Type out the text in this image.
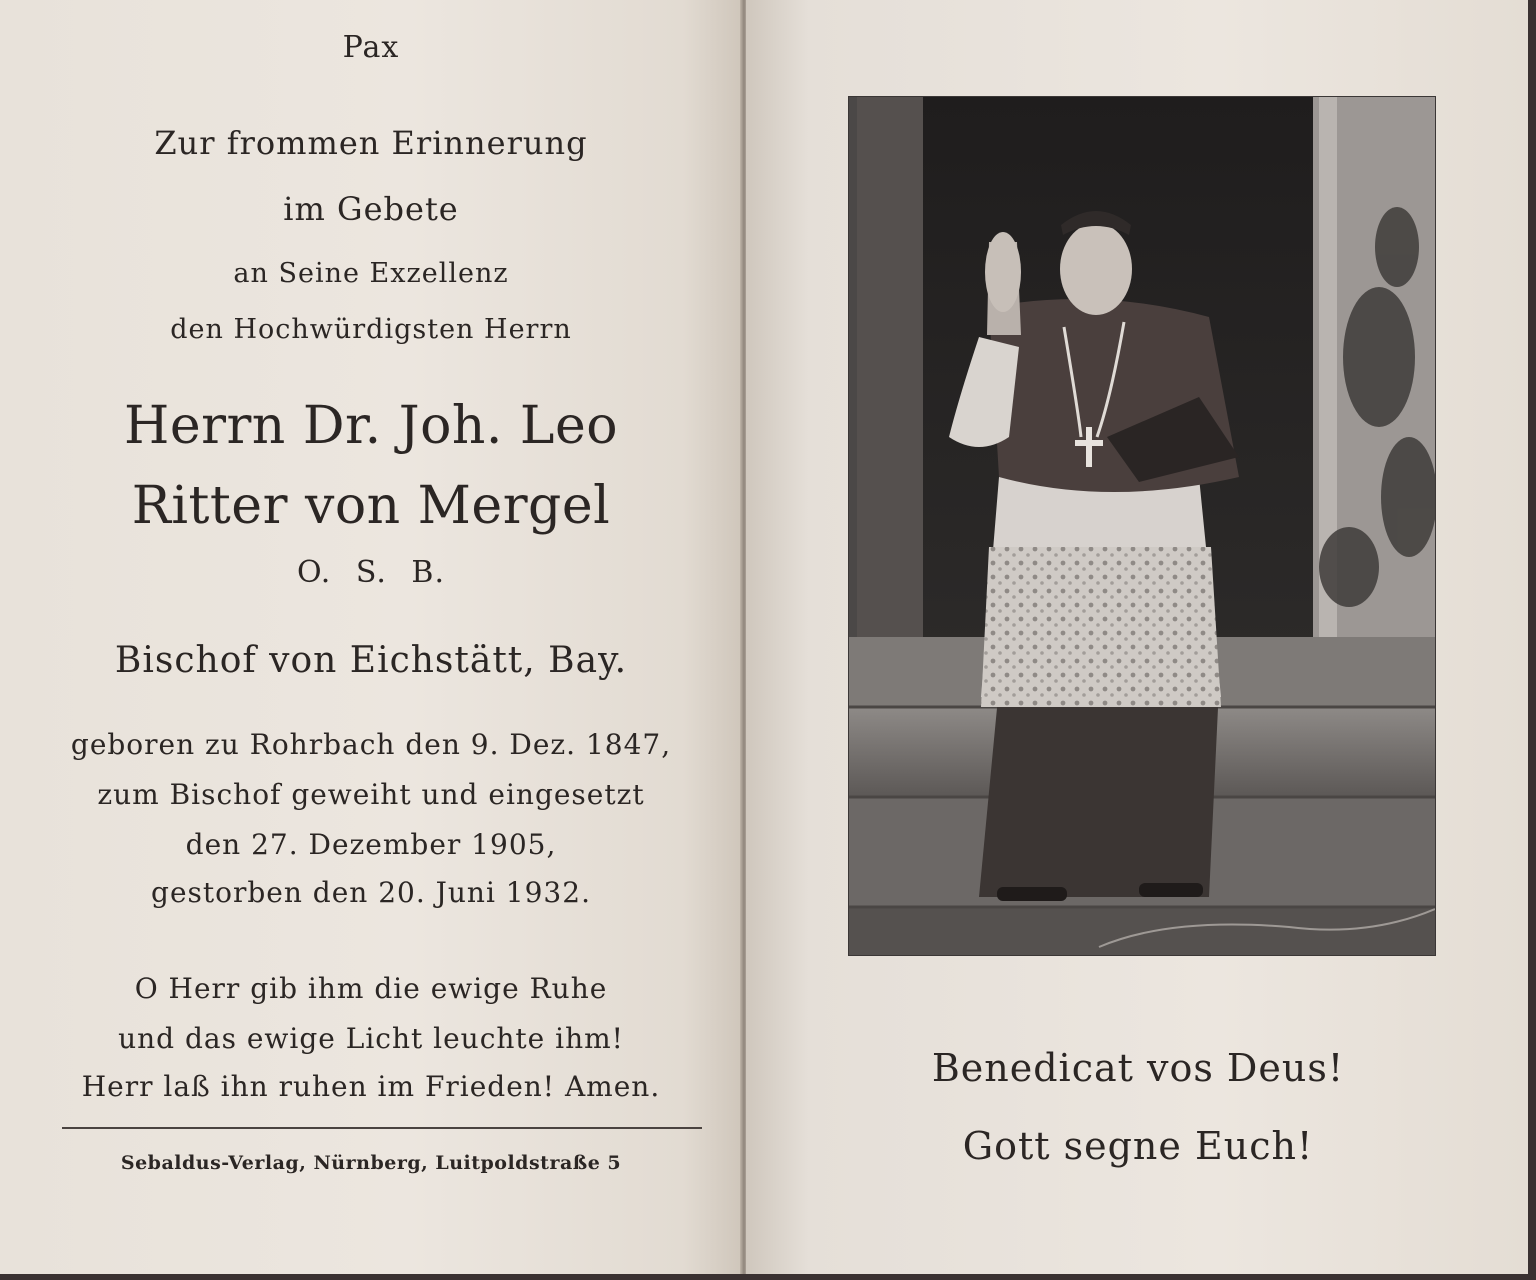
Pax
Zur frommen Erinnerung
im Gebete
an Seine Exzellenz
den Hochwürdigsten Herrn
Herrn Dr. Joh. Leo
Ritter von Mergel
O. S. B.
Bischof von Eichstätt, Bay.
geboren zu Rohrbach den 9. Dez. 1847,
zum Bischof geweiht und eingesetzt
den 27. Dezember 1905,
gestorben den 20. Juni 1932.
O Herr gib ihm die ewige Ruhe
und das ewige Licht leuchte ihm!
Herr laß ihn ruhen im Frieden! Amen.
Sebaldus-Verlag, Nürnberg, Luitpoldstraße 5
Benedicat vos Deus!
Gott segne Euch!
